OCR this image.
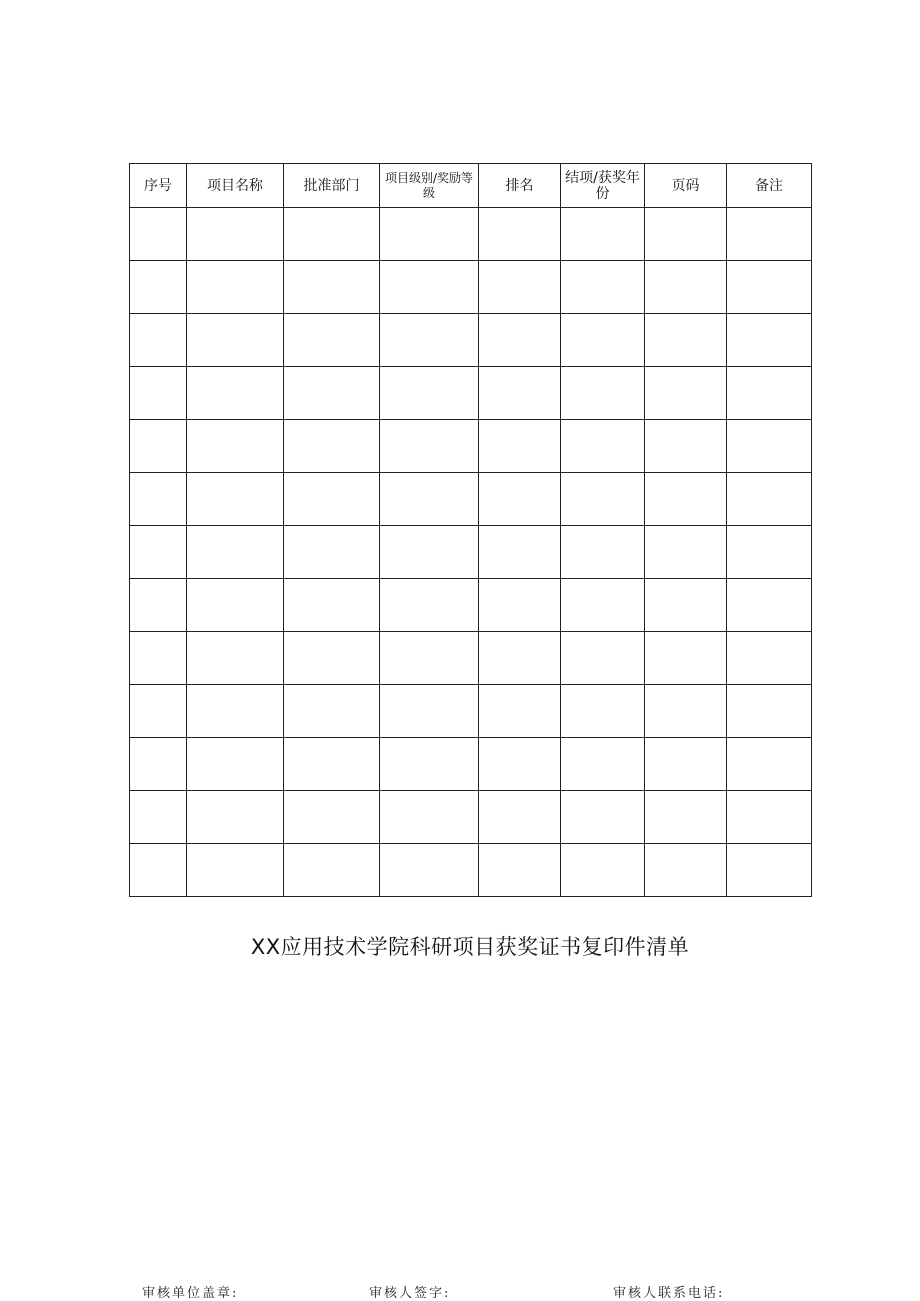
序号	项目名称	批准部门	项目级别/奖励等级	排名	结项/获奖年份	页码	备注

XX应用技术学院科研项目获奖证书复印件清单
审核单位盖章:	审核人签字:	审核人联系电话:
